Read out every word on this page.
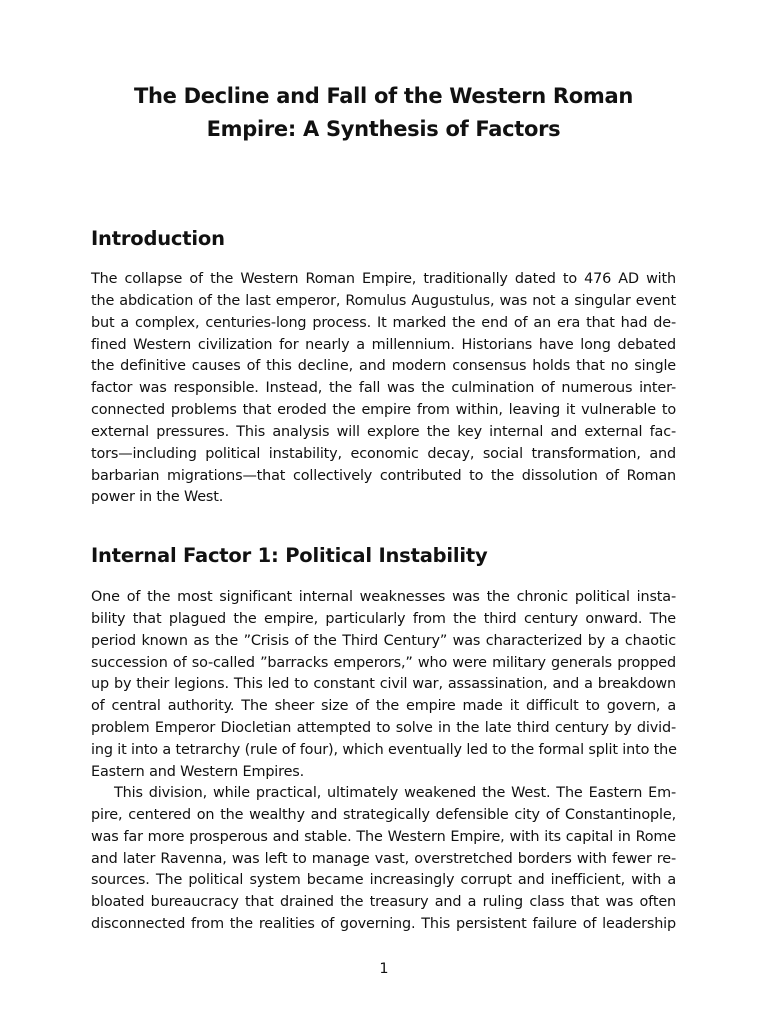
The Decline and Fall of the Western Roman
Empire: A Synthesis of Factors
Introduction

The collapse of the Western Roman Empire, traditionally dated to 476 AD with
the abdication of the last emperor, Romulus Augustulus, was not a singular event
but a complex, centuries-long process. It marked the end of an era that had de-
fined Western civilization for nearly a millennium. Historians have long debated
the definitive causes of this decline, and modern consensus holds that no single
factor was responsible. Instead, the fall was the culmination of numerous inter-
connected problems that eroded the empire from within, leaving it vulnerable to
external pressures. This analysis will explore the key internal and external fac-
tors—including political instability, economic decay, social transformation, and
barbarian migrations—that collectively contributed to the dissolution of Roman
power in the West.

Internal Factor 1: Political Instability

One of the most significant internal weaknesses was the chronic political insta-
bility that plagued the empire, particularly from the third century onward. The
period known as the ”Crisis of the Third Century” was characterized by a chaotic
succession of so-called ”barracks emperors,” who were military generals propped
up by their legions. This led to constant civil war, assassination, and a breakdown
of central authority. The sheer size of the empire made it difficult to govern, a
problem Emperor Diocletian attempted to solve in the late third century by divid-
ing it into a tetrarchy (rule of four), which eventually led to the formal split into the
Eastern and Western Empires.

This division, while practical, ultimately weakened the West. The Eastern Em-
pire, centered on the wealthy and strategically defensible city of Constantinople,
was far more prosperous and stable. The Western Empire, with its capital in Rome
and later Ravenna, was left to manage vast, overstretched borders with fewer re-
sources. The political system became increasingly corrupt and inefficient, with a
bloated bureaucracy that drained the treasury and a ruling class that was often
disconnected from the realities of governing. This persistent failure of leadership

1
